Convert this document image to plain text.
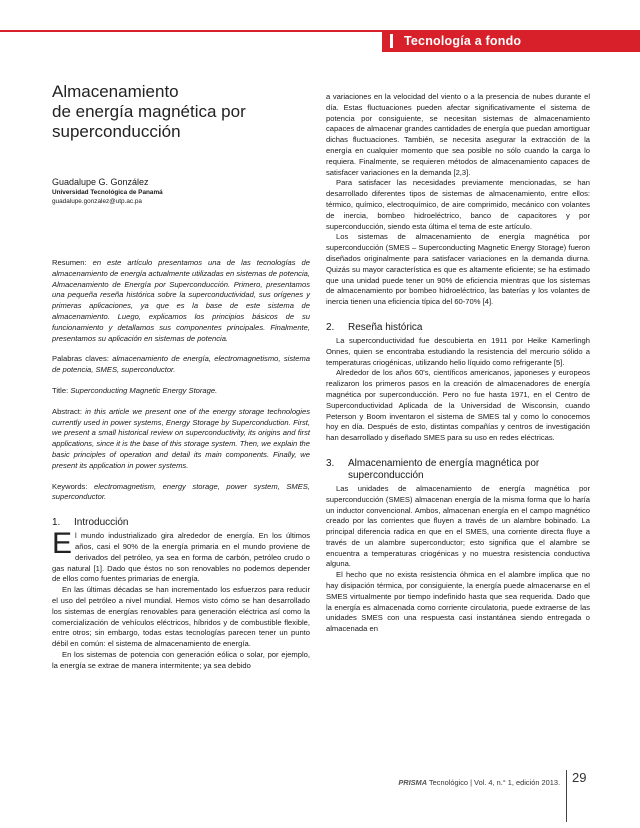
Tecnología a fondo
Almacenamiento
de energía magnética por
superconducción
Guadalupe G. González
Universidad Tecnológica de Panamá
guadalupe.gonzalez@utp.ac.pa

Resumen: en este artículo presentamos una de las tecnologías de almacenamiento de energía actualmente utilizadas en sistemas de potencia, Almacenamiento de Energía por Superconducción. Primero, presentamos una pequeña reseña histórica sobre la superconductividad, sus orígenes y primeras aplicaciones, ya que es la base de este sistema de almacenamiento. Luego, explicamos los principios básicos de su funcionamiento y detallamos sus componentes principales. Finalmente, presentamos su aplicación en sistemas de potencia.

Palabras claves: almacenamiento de energía, electromagnetismo, sistema de potencia, SMES, superconductor.

Title: Superconducting Magnetic Energy Storage.

Abstract: in this article we present one of the energy storage technologies currently used in power systems, Energy Storage by Superconduction. First, we present a small historical review on superconductivity, its origins and first applications, since it is the base of this storage system. Then, we explain the basic principles of operation and detail its main components. Finally, we present its application in power systems.

Keywords: electromagnetism, energy storage, power system, SMES, superconductor.

1. Introducción

El mundo industrializado gira alrededor de energía. En los últimos años, casi el 90% de la energía primaria en el mundo proviene de derivados del petróleo, ya sea en forma de carbón, petróleo crudo o gas natural [1]. Dado que éstos no son renovables no podemos depender de ellos como fuentes primarias de energía.

En las últimas décadas se han incrementado los esfuerzos para reducir el uso del petróleo a nivel mundial. Hemos visto cómo se han desarrollado los sistemas de energías renovables para generación eléctrica así como la comercialización de vehículos eléctricos, híbridos y de combustible flexible, entre otros; sin embargo, todas estas tecnologías parecen tener un punto débil en común: el sistema de almacenamiento de energía.

En los sistemas de potencia con generación eólica o solar, por ejemplo, la energía se extrae de manera intermitente; ya sea debido

a variaciones en la velocidad del viento o a la presencia de nubes durante el día. Estas fluctuaciones pueden afectar significativamente el sistema de potencia por consiguiente, se necesitan sistemas de almacenamiento capaces de almacenar grandes cantidades de energía que puedan amortiguar dichas fluctuaciones. También, se necesita asegurar la extracción de la energía en cualquier momento que sea posible no sólo cuando la carga lo requiera. Finalmente, se requieren métodos de almacenamiento capaces de satisfacer variaciones en la demanda [2,3].

Para satisfacer las necesidades previamente mencionadas, se han desarrollado diferentes tipos de sistemas de almacenamiento, entre ellos: térmico, químico, electroquímico, de aire comprimido, mecánico con volantes de inercia, bombeo hidroeléctrico, banco de capacitores y por superconducción, siendo esta última el tema de este artículo.

Los sistemas de almacenamiento de energía magnética por superconducción (SMES – Superconducting Magnetic Energy Storage) fueron diseñados originalmente para satisfacer variaciones en la demanda diurna. Quizás su mayor característica es que es altamente eficiente; se ha estimado que una unidad puede tener un 90% de eficiencia mientras que los sistemas de almacenamiento por bombeo hidroeléctrico, las baterías y los volantes de inercia tienen una eficiencia típica del 60-70% [4].

2. Reseña histórica

La superconductividad fue descubierta en 1911 por Heike Kamerlingh Onnes, quien se encontraba estudiando la resistencia del mercurio sólido a temperaturas criogénicas, utilizando helio líquido como refrigerante [5].

Alrededor de los años 60's, científicos americanos, japoneses y europeos realizaron los primeros pasos en la creación de almacenadores de energía magnética por superconducción. Pero no fue hasta 1971, en el Centro de Superconductividad Aplicada de la Universidad de Wisconsin, cuando Peterson y Boom inventaron el sistema de SMES tal y como lo conocemos hoy en día. Después de esto, distintas compañías y centros de investigación han desarrollado y diseñado SMES para su uso en redes eléctricas.

3. Almacenamiento de energía magnética por superconducción

Las unidades de almacenamiento de energía magnética por superconducción (SMES) almacenan energía de la misma forma que lo haría un inductor convencional. Ambos, almacenan energía en el campo magnético creado por las corrientes que fluyen a través de un alambre bobinado. La principal diferencia radica en que en el SMES, una corriente directa fluye a través de un alambre superconductor; esto significa que el alambre se encuentra a temperaturas criogénicas y no muestra resistencia conductiva alguna.

El hecho que no exista resistencia óhmica en el alambre implica que no hay disipación térmica, por consiguiente, la energía puede almacenarse en el SMES virtualmente por tiempo indefinido hasta que sea requerida. Dado que la energía es almacenada como corriente circulatoria, puede extraerse de las unidades SMES con una respuesta casi instantánea siendo entregada o almacenada en

PRISMA Tecnológico | Vol. 4, n.° 1, edición 2013. 29
